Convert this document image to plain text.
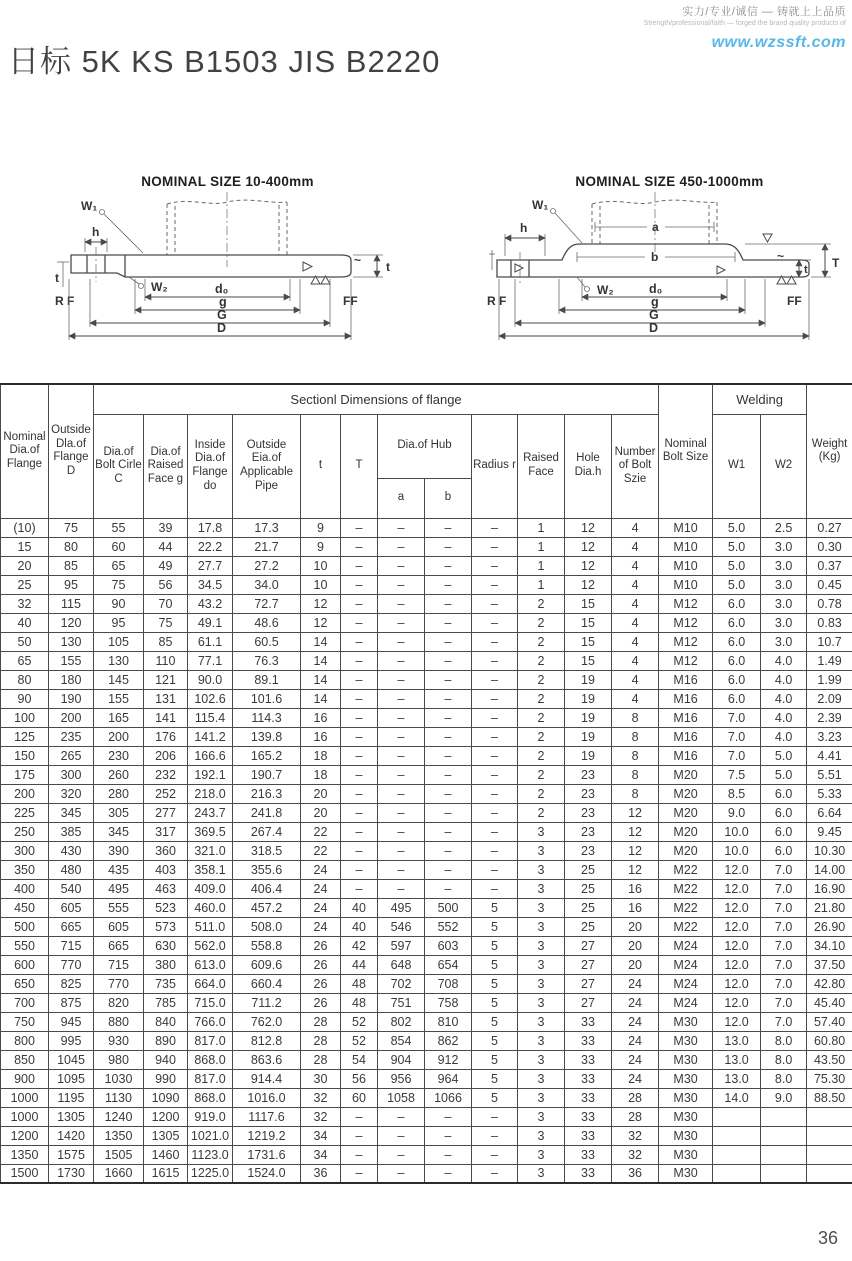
实力/专业/诚信 — 铸就上上品质
Strength/professional/faith — forged the brand quality products of
www.wzssft.com
日标 5K KS B1503 JIS B2220
NOMINAL SIZE 10-400mm
W₁
h
t
R F
W₂
~ t
FF
d₀
g
G
D
NOMINAL SIZE 450-1000mm
a
b
W₁
h
R F
W₂
~
t T
FF
d₀
g
G
D
Nominal Dia.of Flange	Outside Dla.of Flange D	Sectionl Dimensions of flange												Nominal Bolt Size	Welding		Weight (Kg)
		Dia.of Bolt Cirle C	Dia.of Raised Face g	Inside Dia.of Flange do	Outside Eia.of Applicable Pipe	t	T	Dia.of Hub		Radius r	Raised Face	Hole Dia.h	Number of Bolt Szie		W1	W2	
								a	b								
(10)	75	55	39	17.8	17.3	9	–	–	–	–	1	12	4	M10	5.0	2.5	0.27
15	80	60	44	22.2	21.7	9	–	–	–	–	1	12	4	M10	5.0	3.0	0.30
20	85	65	49	27.7	27.2	10	–	–	–	–	1	12	4	M10	5.0	3.0	0.37
25	95	75	56	34.5	34.0	10	–	–	–	–	1	12	4	M10	5.0	3.0	0.45
32	115	90	70	43.2	72.7	12	–	–	–	–	2	15	4	M12	6.0	3.0	0.78
40	120	95	75	49.1	48.6	12	–	–	–	–	2	15	4	M12	6.0	3.0	0.83
50	130	105	85	61.1	60.5	14	–	–	–	–	2	15	4	M12	6.0	3.0	10.7
65	155	130	110	77.1	76.3	14	–	–	–	–	2	15	4	M12	6.0	4.0	1.49
80	180	145	121	90.0	89.1	14	–	–	–	–	2	19	4	M16	6.0	4.0	1.99
90	190	155	131	102.6	101.6	14	–	–	–	–	2	19	4	M16	6.0	4.0	2.09
100	200	165	141	115.4	114.3	16	–	–	–	–	2	19	8	M16	7.0	4.0	2.39
125	235	200	176	141.2	139.8	16	–	–	–	–	2	19	8	M16	7.0	4.0	3.23
150	265	230	206	166.6	165.2	18	–	–	–	–	2	19	8	M16	7.0	5.0	4.41
175	300	260	232	192.1	190.7	18	–	–	–	–	2	23	8	M20	7.5	5.0	5.51
200	320	280	252	218.0	216.3	20	–	–	–	–	2	23	8	M20	8.5	6.0	5.33
225	345	305	277	243.7	241.8	20	–	–	–	–	2	23	12	M20	9.0	6.0	6.64
250	385	345	317	369.5	267.4	22	–	–	–	–	3	23	12	M20	10.0	6.0	9.45
300	430	390	360	321.0	318.5	22	–	–	–	–	3	23	12	M20	10.0	6.0	10.30
350	480	435	403	358.1	355.6	24	–	–	–	–	3	25	12	M22	12.0	7.0	14.00
400	540	495	463	409.0	406.4	24	–	–	–	–	3	25	16	M22	12.0	7.0	16.90
450	605	555	523	460.0	457.2	24	40	495	500	5	3	25	16	M22	12.0	7.0	21.80
500	665	605	573	511.0	508.0	24	40	546	552	5	3	25	20	M22	12.0	7.0	26.90
550	715	665	630	562.0	558.8	26	42	597	603	5	3	27	20	M24	12.0	7.0	34.10
600	770	715	380	613.0	609.6	26	44	648	654	5	3	27	20	M24	12.0	7.0	37.50
650	825	770	735	664.0	660.4	26	48	702	708	5	3	27	24	M24	12.0	7.0	42.80
700	875	820	785	715.0	711.2	26	48	751	758	5	3	27	24	M24	12.0	7.0	45.40
750	945	880	840	766.0	762.0	28	52	802	810	5	3	33	24	M30	12.0	7.0	57.40
800	995	930	890	817.0	812.8	28	52	854	862	5	3	33	24	M30	13.0	8.0	60.80
850	1045	980	940	868.0	863.6	28	54	904	912	5	3	33	24	M30	13.0	8.0	43.50
900	1095	1030	990	817.0	914.4	30	56	956	964	5	3	33	24	M30	13.0	8.0	75.30
1000	1195	1130	1090	868.0	1016.0	32	60	1058	1066	5	3	33	28	M30	14.0	9.0	88.50
1000	1305	1240	1200	919.0	1117.6	32	–	–	–	–	3	33	28	M30			
1200	1420	1350	1305	1021.0	1219.2	34	–	–	–	–	3	33	32	M30			
1350	1575	1505	1460	1123.0	1731.6	34	–	–	–	–	3	33	32	M30			
1500	1730	1660	1615	1225.0	1524.0	36	–	–	–	–	3	33	36	M30			
36
